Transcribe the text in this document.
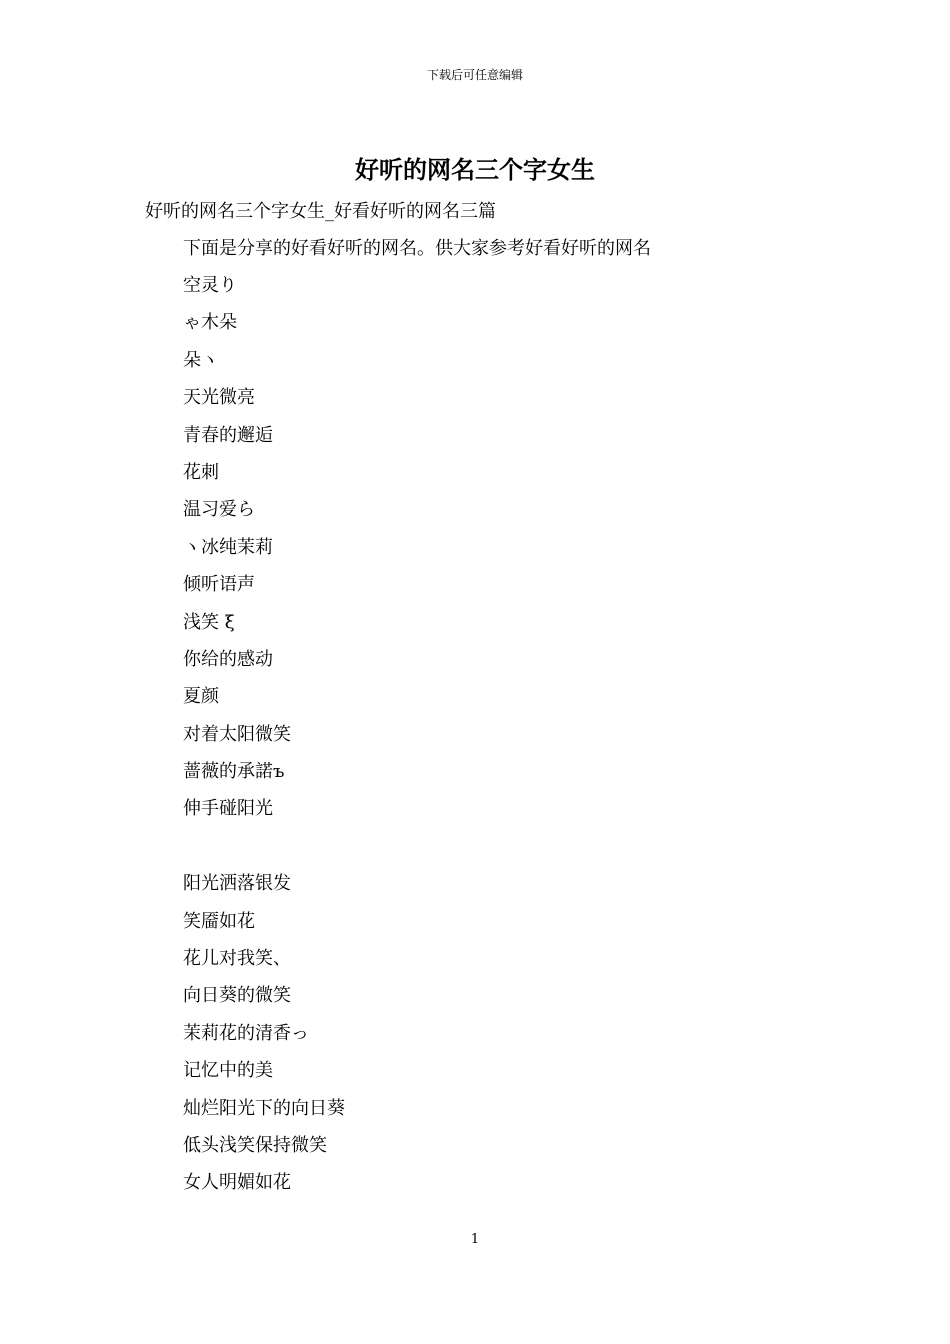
下载后可任意编辑
好听的网名三个字女生

好听的网名三个字女生_好看好听的网名三篇

下面是分享的好看好听的网名。供大家参考好看好听的网名

空灵り
ゃ木朵
朵ヽ
天光微亮
青春的邂逅
花刺
温习爱ら
ヽ冰纯茉莉
倾听语声
浅笑 ξ
你给的感动
夏颜
对着太阳微笑
蔷薇的承諾ъ
伸手碰阳光
阳光洒落银发
笑靥如花
花儿对我笑、
向日葵的微笑
茉莉花的清香っ
记忆中的美
灿烂阳光下的向日葵
低头浅笑保持微笑
女人明媚如花
1
